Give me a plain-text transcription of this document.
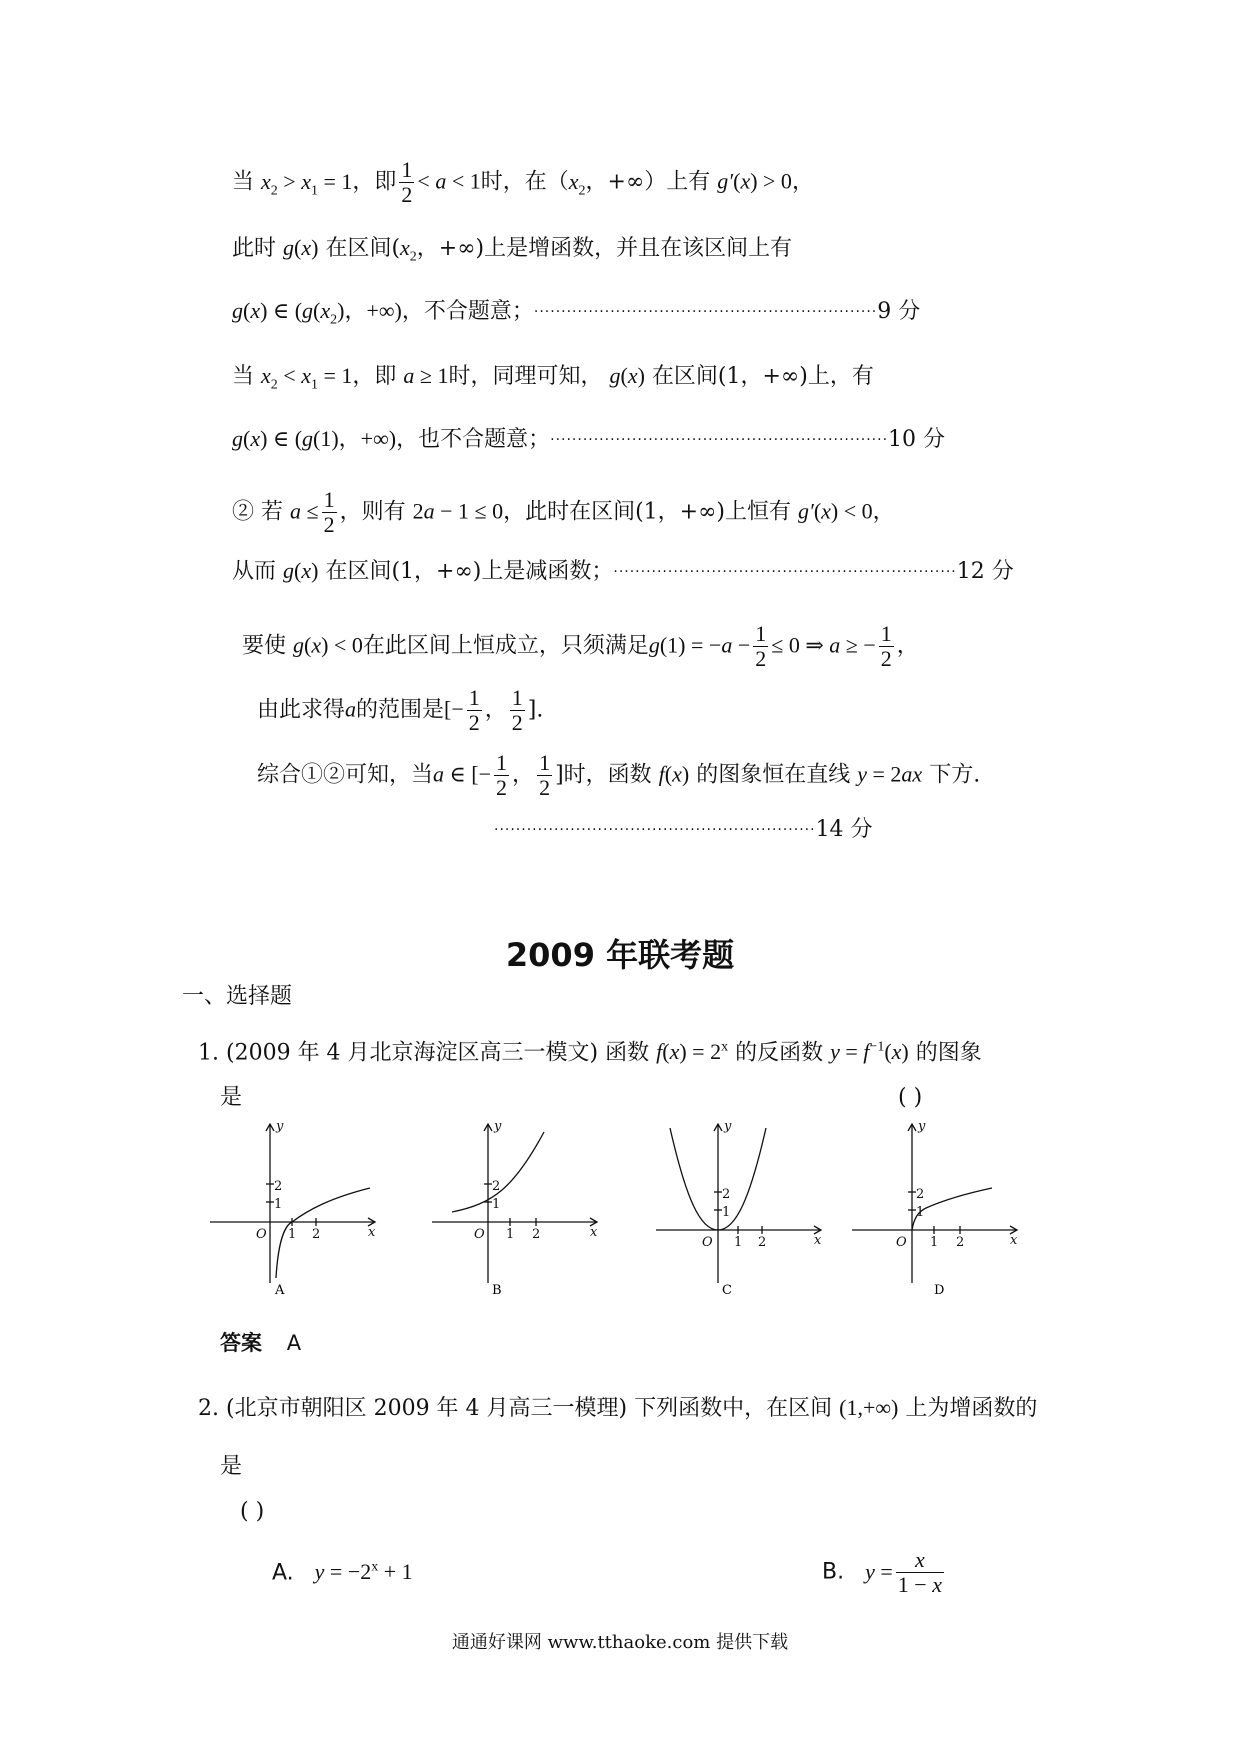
当 $x_2 > x_1 = 1$，即 $\frac{1}{2} < a < 1$时，在（$x_2$，+∞）上有 g′(x) > 0，
此时 g(x) 在区间($x_2$，+∞)上是增函数，并且在该区间上有
g(x) ∈ ($g(x_2)$，+∞)，不合题意；·······························································9 分
当 $x_2 < x_1 = 1$，即 a ≥ 1时，同理可知， g(x) 在区间(1，+∞)上，有
g(x) ∈ (g(1)，+∞)，也不合题意；······························································10 分
② 若 $a \le \frac{1}{2}$ ，则有 2a − 1 ≤ 0，此时在区间(1，+∞)上恒有 g′(x) < 0，
从而 g(x) 在区间(1，+∞)上是减函数；·······························································12 分
要使 g(x) < 0在此区间上恒成立，只须满足$g(1) = -a - \frac{1}{2} \le 0$ ⇒ a ≥ − $\frac{1}{2}$ ，
由此求得a的范围是[− $\frac{1}{2}$ ， $\frac{1}{2}$ ].
综合①②可知，当a ∈ [− $\frac{1}{2}$ ， $\frac{1}{2}$ ]时，函数 f(x) 的图象恒在直线 y = 2ax 下方.
···························································14 分
2009 年联考题
一、选择题
1. (2009 年 4 月北京海淀区高三一模文) 函数 $f(x) = 2^x$ 的反函数 $y = f^{-1}(x)$ 的图象
是	( )
y
1
2
O 1 2	x
A
y
1
2
O 1 2	x
B
y
1
2
O 1 2	x
C
y
1
2
O 1 2	x
D
答案 A
2. (北京市朝阳区 2009 年 4 月高三一模理) 下列函数中，在区间 (1,+∞) 上为增函数的
是
( )
A. $y = -2^x + 1$	B. $y = \frac{x}{1 - x}$
通通好课网 www.tthaoke.com 提供下载
